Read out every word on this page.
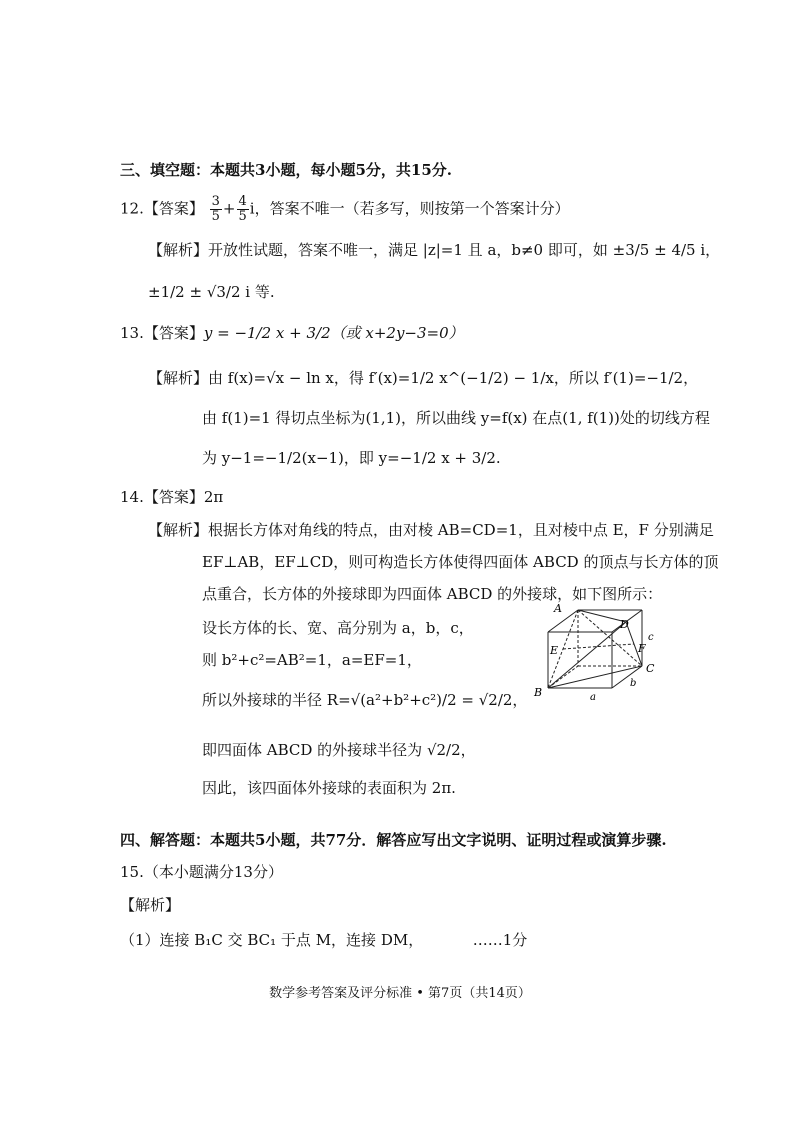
三、填空题：本题共3小题，每小题5分，共15分.
12.【答案】 $\frac{3}{5} + \frac{4}{5}$ i，答案不唯一（若多写，则按第一个答案计分）
【解析】开放性试题，答案不唯一，满足 |z|=1 且 a，b≠0 即可，如 ±3/5 ± 4/5 i，
±1/2 ± √3/2 i 等.
13.【答案】y = −1/2 x + 3/2（或 x+2y−3=0）
【解析】由 f(x)=√x − ln x，得 f′(x)=1/2 x^(−1/2) − 1/x，所以 f′(1)=−1/2，
由 f(1)=1 得切点坐标为(1,1)，所以曲线 y=f(x) 在点(1, f(1))处的切线方程
为 y−1=−1/2(x−1)，即 y=−1/2 x + 3/2.
14.【答案】2π
【解析】根据长方体对角线的特点，由对棱 AB=CD=1，且对棱中点 E，F 分别满足
EF⊥AB，EF⊥CD，则可构造长方体使得四面体 ABCD 的顶点与长方体的顶
点重合，长方体的外接球即为四面体 ABCD 的外接球，如下图所示：
设长方体的长、宽、高分别为 a，b，c，
则 b²+c²=AB²=1，a=EF=1，
所以外接球的半径 R=√(a²+b²+c²)/2 = √2/2，
即四面体 ABCD 的外接球半径为 √2/2，
因此，该四面体外接球的表面积为 2π.
A
D
E	F
B
C
a
b
c
四、解答题：本题共5小题，共77分．解答应写出文字说明、证明过程或演算步骤.
15.（本小题满分13分）
【解析】
（1）连接 B₁C 交 BC₁ 于点 M，连接 DM，	……1分
数学参考答案及评分标准 • 第7页（共14页）
